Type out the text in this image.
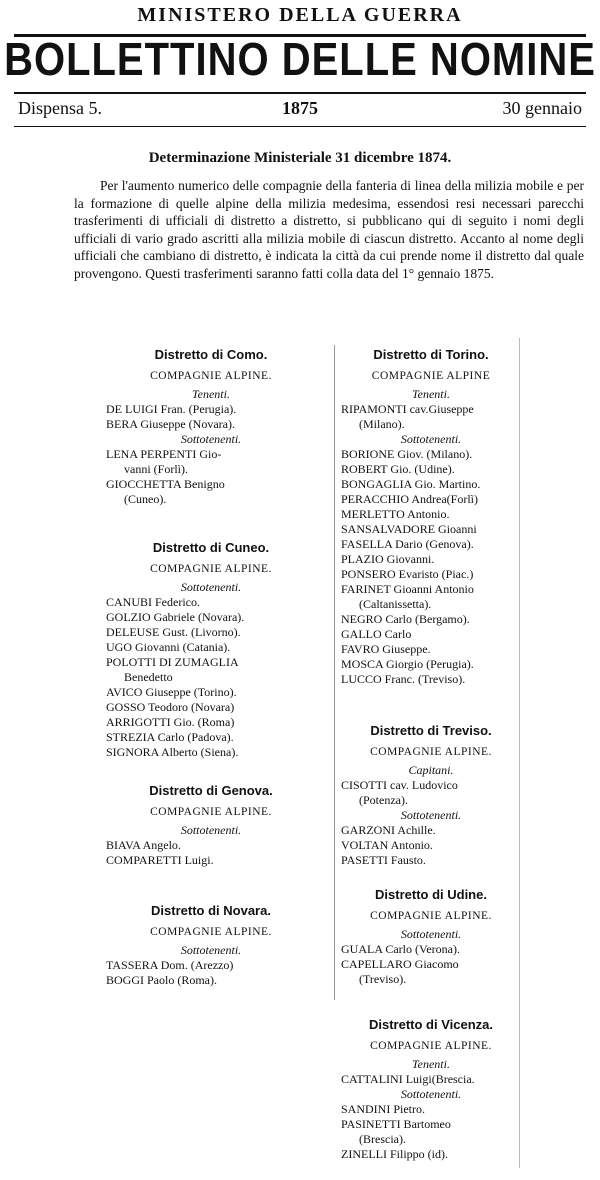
MINISTERO DELLA GUERRA
BOLLETTINO DELLE NOMINE
Dispensa 5.	1875	30 gennaio
Determinazione Ministeriale 31 dicembre 1874.
Per l'aumento numerico delle compagnie della fanteria di linea della milizia mobile e per la formazione di quelle alpine della milizia medesima, essendosi resi necessari parecchi trasferimenti di ufficiali di distretto a distretto, si pubblicano qui di seguito i nomi degli ufficiali di vario grado ascritti alla milizia mobile di ciascun distretto. Accanto al nome degli ufficiali che cambiano di distretto, è indicata la città da cui prende nome il distretto dal quale provengono. Questi trasferimenti saranno fatti colla data del 1° gennaio 1875.
Distretto di Como.
COMPAGNIE ALPINE.
Tenenti.
DE LUIGI Fran. (Perugia).
BERA Giuseppe (Novara).
Sottotenenti.
LENA PERPENTI Gio-
vanni (Forlì).
GIOCCHETTA Benigno
(Cuneo).
Distretto di Cuneo.
COMPAGNIE ALPINE.
Sottotenenti.
CANUBI Federico.
GOLZIO Gabriele (Novara).
DELEUSE Gust. (Livorno).
UGO Giovanni (Catania).
POLOTTI DI ZUMAGLIA
Benedetto
AVICO Giuseppe (Torino).
GOSSO Teodoro (Novara)
ARRIGOTTI Gio. (Roma)
STREZIA Carlo (Padova).
SIGNORA Alberto (Siena).
Distretto di Genova.
COMPAGNIE ALPINE.
Sottotenenti.
BIAVA Angelo.
COMPARETTI Luigi.
Distretto di Novara.
COMPAGNIE ALPINE.
Sottotenenti.
TASSERA Dom. (Arezzo)
BOGGI Paolo (Roma).
Distretto di Torino.
COMPAGNIE ALPINE
Tenenti.
RIPAMONTI cav.Giuseppe
(Milano).
Sottotenenti.
BORIONE Giov. (Milano).
ROBERT Gio. (Udine).
BONGAGLIA Gio. Martino.
PERACCHIO Andrea(Forlì)
MERLETTO Antonio.
SANSALVADORE Gioanni
FASELLA Dario (Genova).
PLAZIO Giovanni.
PONSERO Evaristo (Piac.)
FARINET Gioanni Antonio
(Caltanissetta).
NEGRO Carlo (Bergamo).
GALLO Carlo
FAVRO Giuseppe.
MOSCA Giorgio (Perugia).
LUCCO Franc. (Treviso).
Distretto di Treviso.
COMPAGNIE ALPINE.
Capitani.
CISOTTI cav. Ludovico
(Potenza).
Sottotenenti.
GARZONI Achille.
VOLTAN Antonio.
PASETTI Fausto.
Distretto di Udine.
COMPAGNIE ALPINE.
Sottotenenti.
GUALA Carlo (Verona).
CAPELLARO Giacomo
(Treviso).
Distretto di Vicenza.
COMPAGNIE ALPINE.
Tenenti.
CATTALINI Luigi(Brescia.
Sottotenenti.
SANDINI Pietro.
PASINETTI Bartomeo
(Brescia).
ZINELLI Filippo (id).
